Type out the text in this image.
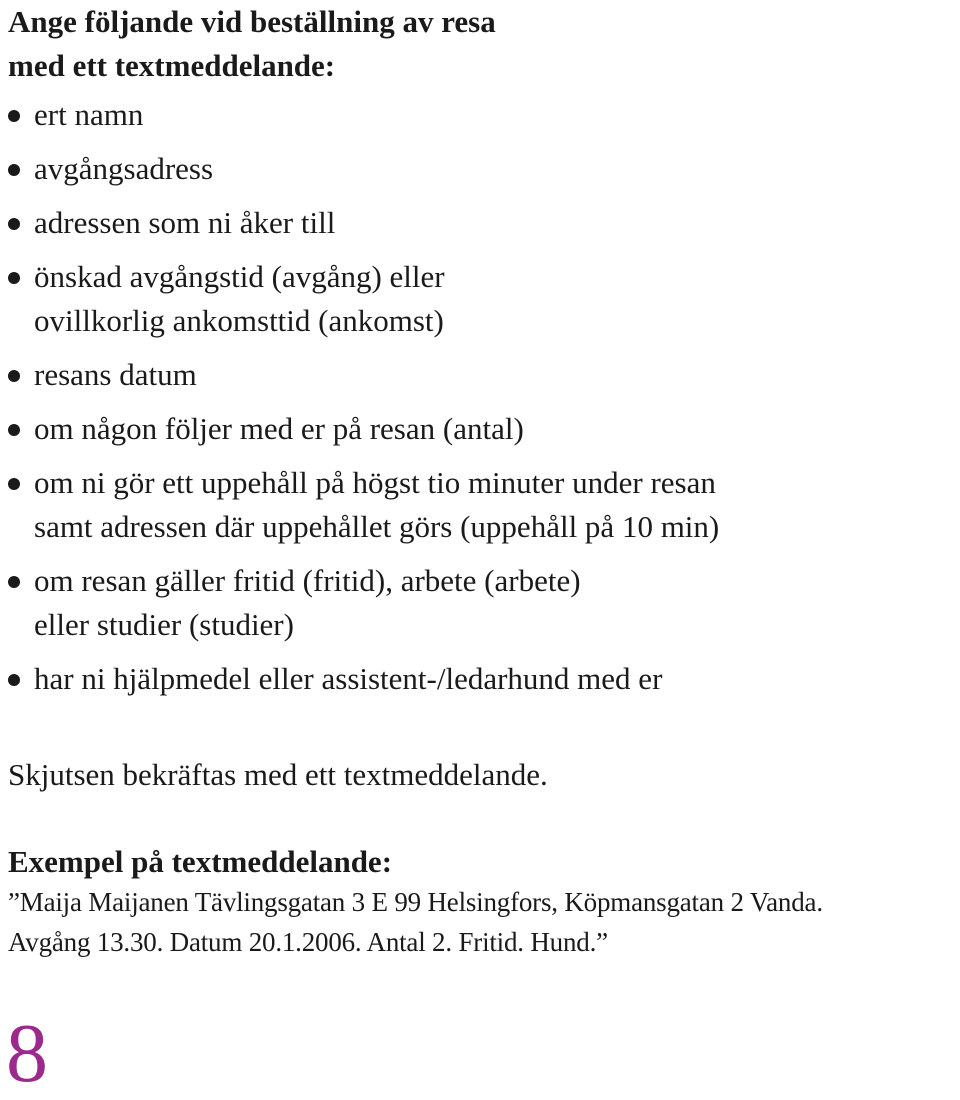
Ange följande vid beställning av resa
med ett textmeddelande:
ert namn
avgångsadress
adressen som ni åker till
önskad avgångstid (avgång) eller
ovillkorlig ankomsttid (ankomst)
resans datum
om någon följer med er på resan (antal)
om ni gör ett uppehåll på högst tio minuter under resan
samt adressen där uppehållet görs (uppehåll på 10 min)
om resan gäller fritid (fritid), arbete (arbete)
eller studier (studier)
har ni hjälpmedel eller assistent-/ledarhund med er

Skjutsen bekräftas med ett textmeddelande.

Exempel på textmeddelande:

”Maija Maijanen Tävlingsgatan 3 E 99 Helsingfors, Köpmansgatan 2 Vanda.
Avgång 13.30. Datum 20.1.2006. Antal 2. Fritid. Hund.”

8
